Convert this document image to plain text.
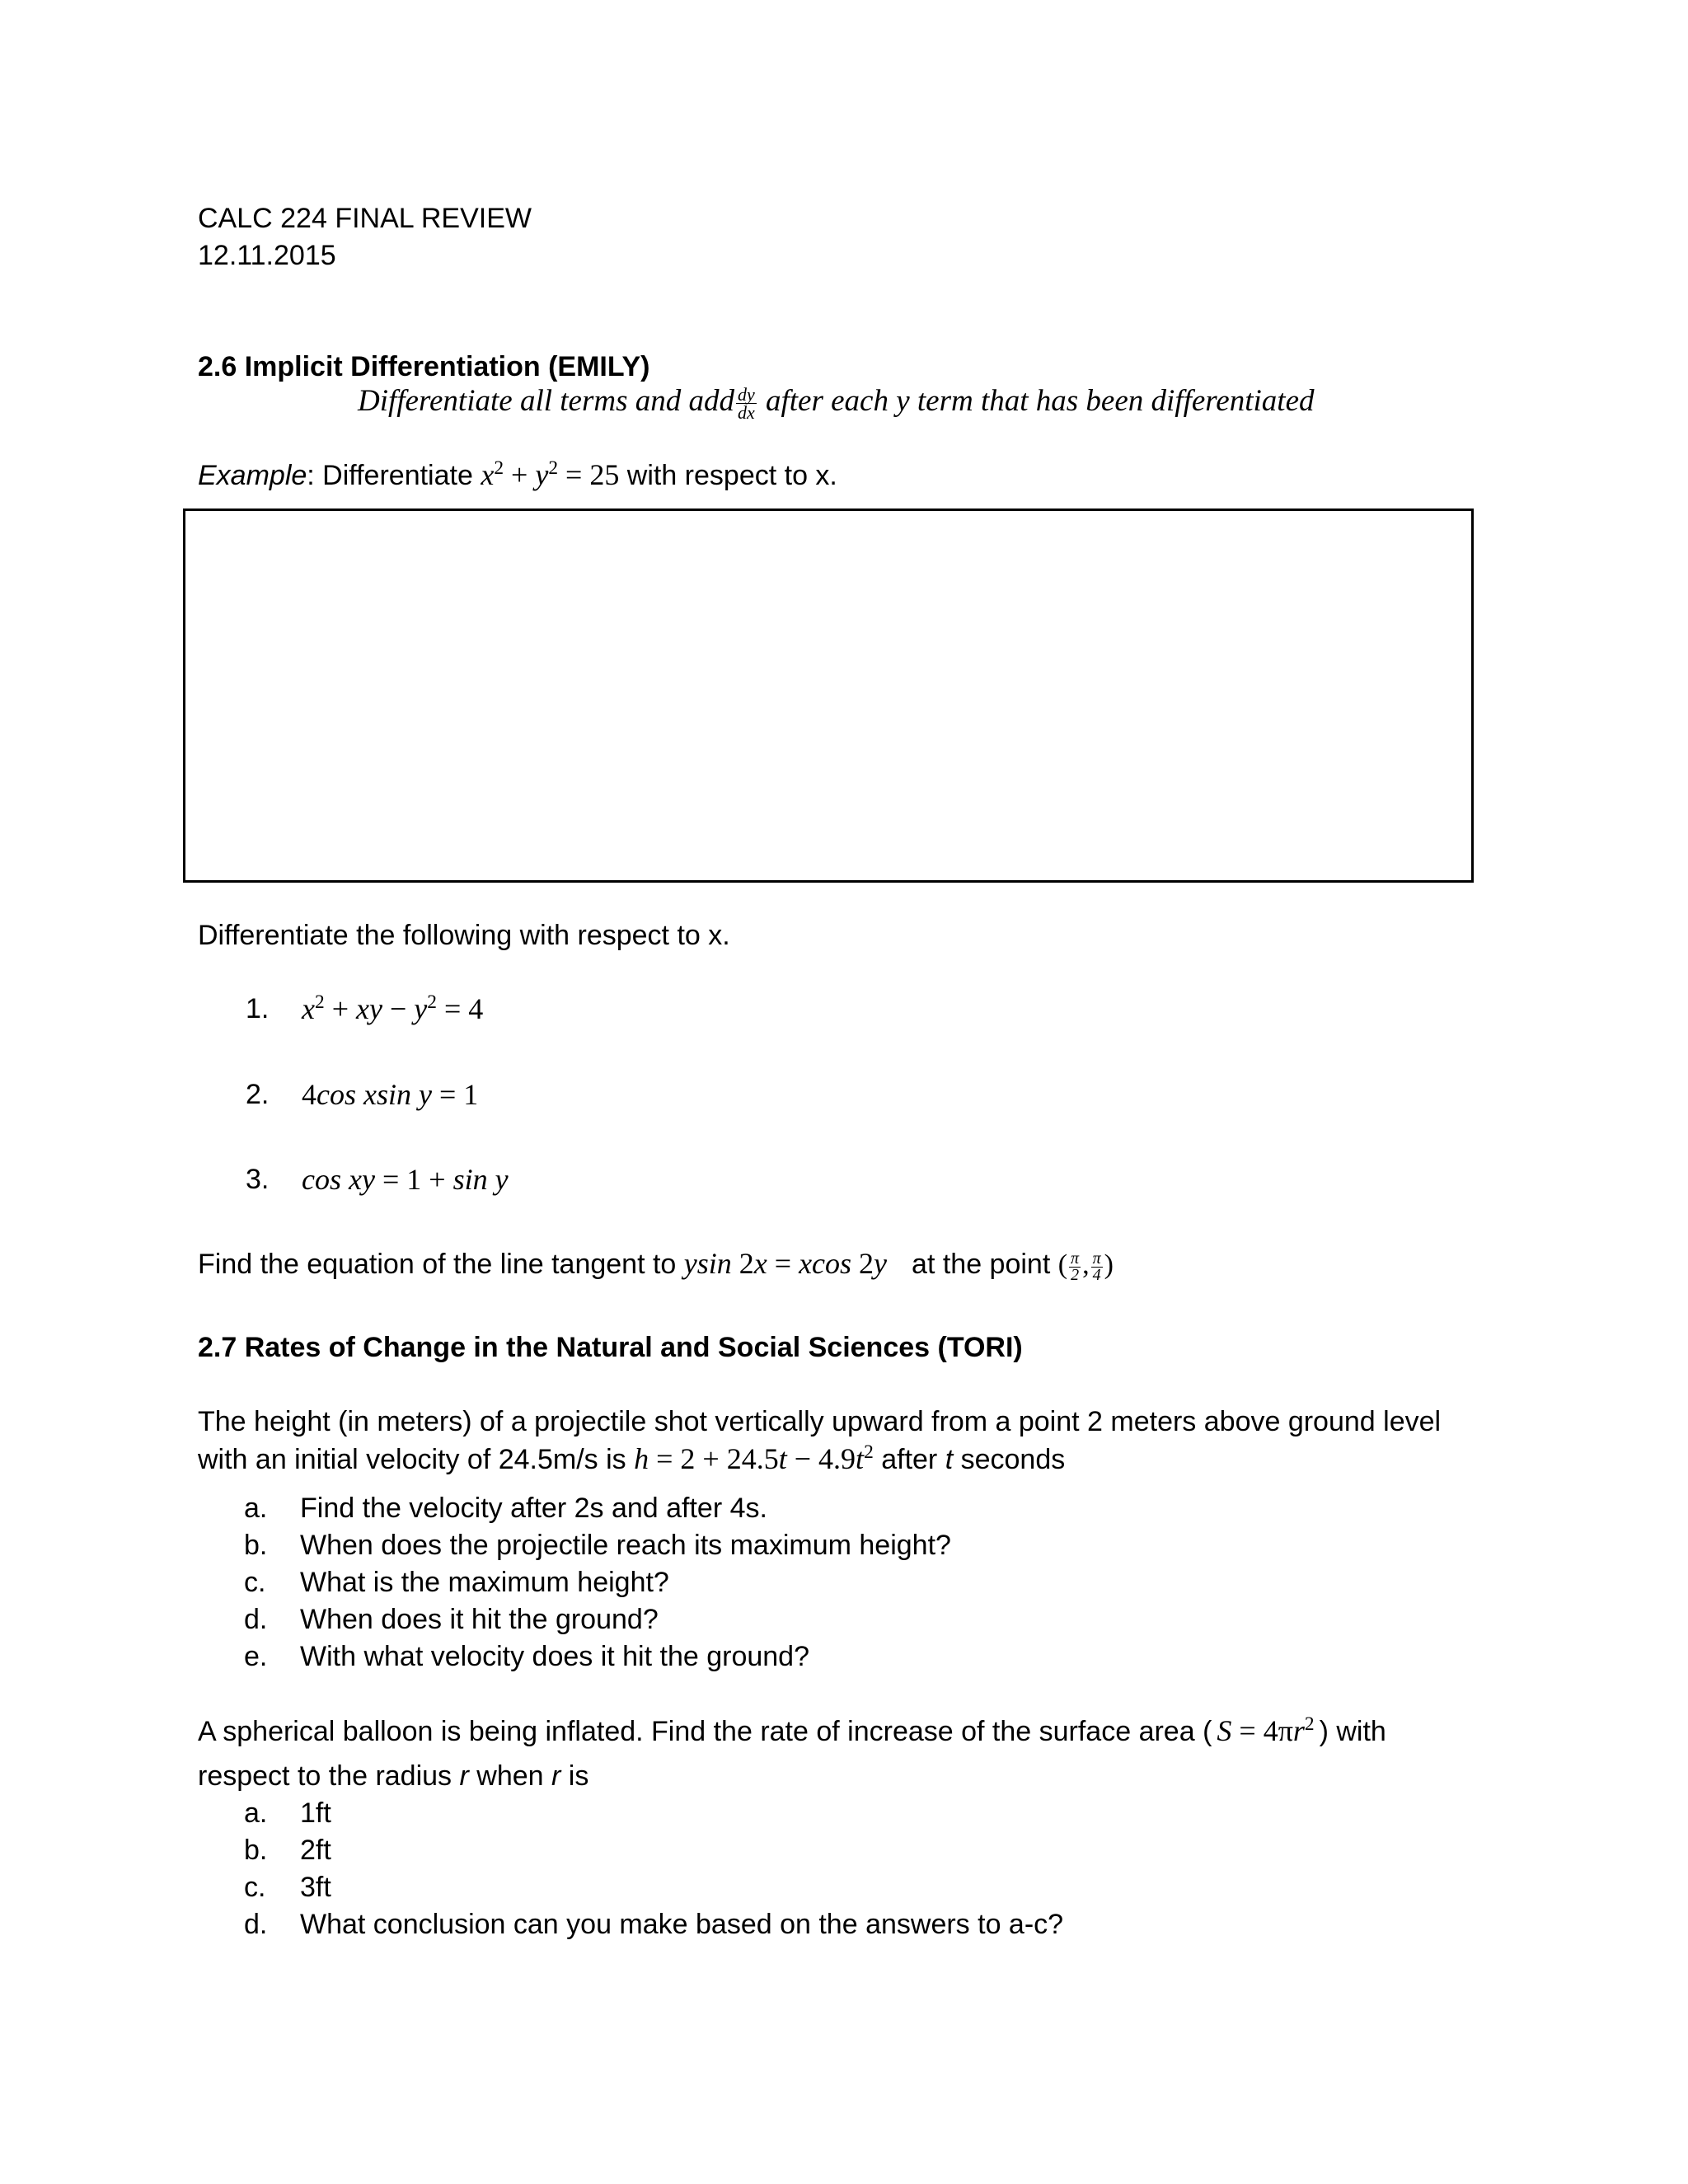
CALC 224 FINAL REVIEW
12.11.2015
2.6 Implicit Differentiation (EMILY)
Differentiate all terms and add $\frac{dy}{dx}$ after each y term that has been differentiated
Example: Differentiate $x^2 + y^2 = 25$ with respect to x.
Differentiate the following with respect to x.
1. $x^2$ + xy − $y^2 = 4$
2. 4cos xsin y = 1
3. cos xy = 1 + sin y
Find the equation of the line tangent to ysin 2x = xcos 2y at the point ( $\frac{\pi}{2}$ , $\frac{\pi}{4}$ )
2.7 Rates of Change in the Natural and Social Sciences (TORI)
The height (in meters) of a projectile shot vertically upward from a point 2 meters above ground level
with an initial velocity of 24.5m/s is $h = 2 + 24.5t - 4.9t^2$ after t seconds
a. Find the velocity after 2s and after 4s.
b. When does the projectile reach its maximum height?
c. What is the maximum height?
d. When does it hit the ground?
e. With what velocity does it hit the ground?
A spherical balloon is being inflated. Find the rate of increase of the surface area ( $S = 4\pi r^2$ ) with
respect to the radius r when r is
a. 1ft
b. 2ft
c. 3ft
d. What conclusion can you make based on the answers to a-c?
